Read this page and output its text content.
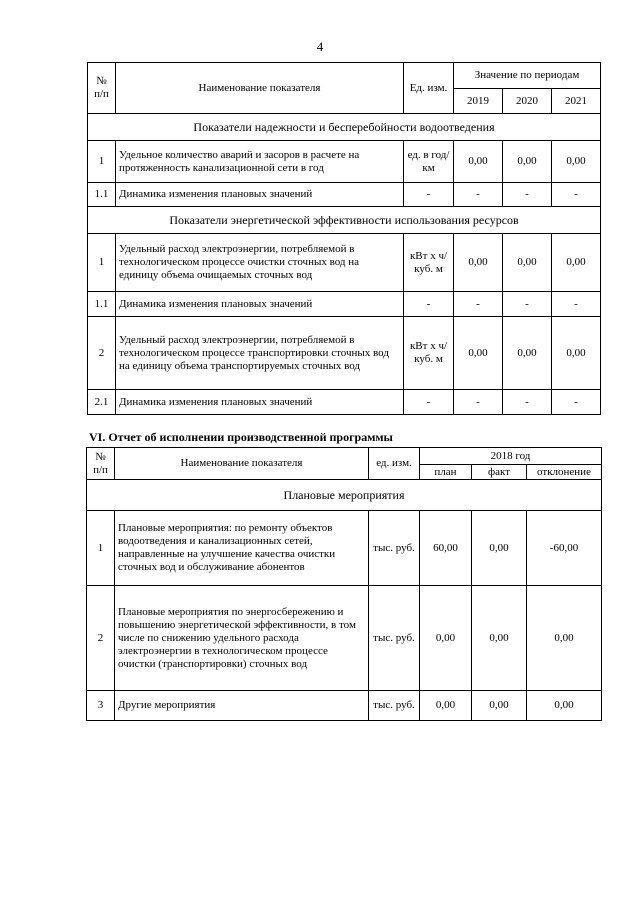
4
№ п/п	Наименование показателя	Ед. изм.	Значение по периодам		
			2019	2020	2021
Показатели надежности и бесперебойности водоотведения					
1	Удельное количество аварий и засоров в расчете на протяженность канализационной сети в год	ед. в год/км	0,00	0,00	0,00
1.1	Динамика изменения плановых значений	-	-	-	-
Показатели энергетической эффективности использования ресурсов					
1	Удельный расход электроэнергии, потребляемой в технологическом процессе очистки сточных вод на единицу объема очищаемых сточных вод	кВт х ч/куб. м	0,00	0,00	0,00
1.1	Динамика изменения плановых значений	-	-	-	-
2	Удельный расход электроэнергии, потребляемой в технологическом процессе транспортировки сточных вод на единицу объема транспортируемых сточных вод	кВт х ч/куб. м	0,00	0,00	0,00
2.1	Динамика изменения плановых значений	-	-	-	-
VI. Отчет об исполнении производственной программы
№ п/п	Наименование показателя	ед. изм.	2018 год		
			план	факт	отклонение
Плановые мероприятия					
1	Плановые мероприятия: по ремонту объектов водоотведения и канализационных сетей, направленные на улучшение качества очистки сточных вод и обслуживание абонентов	тыс. руб.	60,00	0,00	-60,00
2	Плановые мероприятия по энергосбережению и повышению энергетической эффективности, в том числе по снижению удельного расхода электроэнергии в технологическом процессе очистки (транспортировки) сточных вод	тыс. руб.	0,00	0,00	0,00
3	Другие мероприятия	тыс. руб.	0,00	0,00	0,00
